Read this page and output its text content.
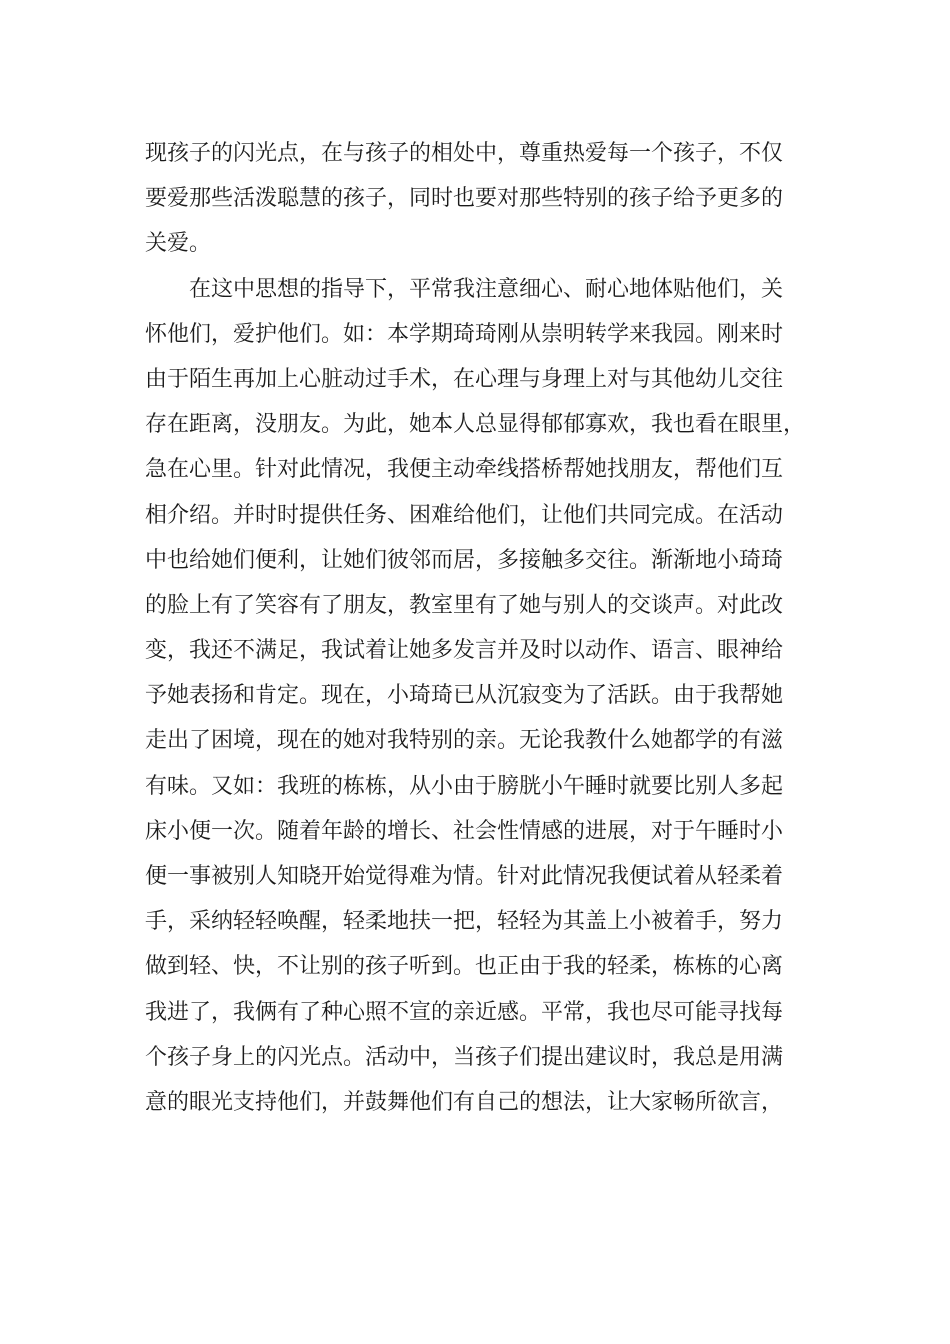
现孩子的闪光点，在与孩子的相处中，尊重热爱每一个孩子，不仅
要爱那些活泼聪慧的孩子，同时也要对那些特别的孩子给予更多的
关爱。
在这中思想的指导下，平常我注意细心、耐心地体贴他们，关
怀他们，爱护他们。如：本学期琦琦刚从崇明转学来我园。刚来时
由于陌生再加上心脏动过手术，在心理与身理上对与其他幼儿交往
存在距离，没朋友。为此，她本人总显得郁郁寡欢，我也看在眼里，
急在心里。针对此情况，我便主动牵线搭桥帮她找朋友，帮他们互
相介绍。并时时提供任务、困难给他们，让他们共同完成。在活动
中也给她们便利，让她们彼邻而居，多接触多交往。渐渐地小琦琦
的脸上有了笑容有了朋友，教室里有了她与别人的交谈声。对此改
变，我还不满足，我试着让她多发言并及时以动作、语言、眼神给
予她表扬和肯定。现在，小琦琦已从沉寂变为了活跃。由于我帮她
走出了困境，现在的她对我特别的亲。无论我教什么她都学的有滋
有味。又如：我班的栋栋，从小由于膀胱小午睡时就要比别人多起
床小便一次。随着年龄的增长、社会性情感的进展，对于午睡时小
便一事被别人知晓开始觉得难为情。针对此情况我便试着从轻柔着
手，采纳轻轻唤醒，轻柔地扶一把，轻轻为其盖上小被着手，努力
做到轻、快，不让别的孩子听到。也正由于我的轻柔，栋栋的心离
我进了，我俩有了种心照不宣的亲近感。平常，我也尽可能寻找每
个孩子身上的闪光点。活动中，当孩子们提出建议时，我总是用满
意的眼光支持他们，并鼓舞他们有自己的想法，让大家畅所欲言，
